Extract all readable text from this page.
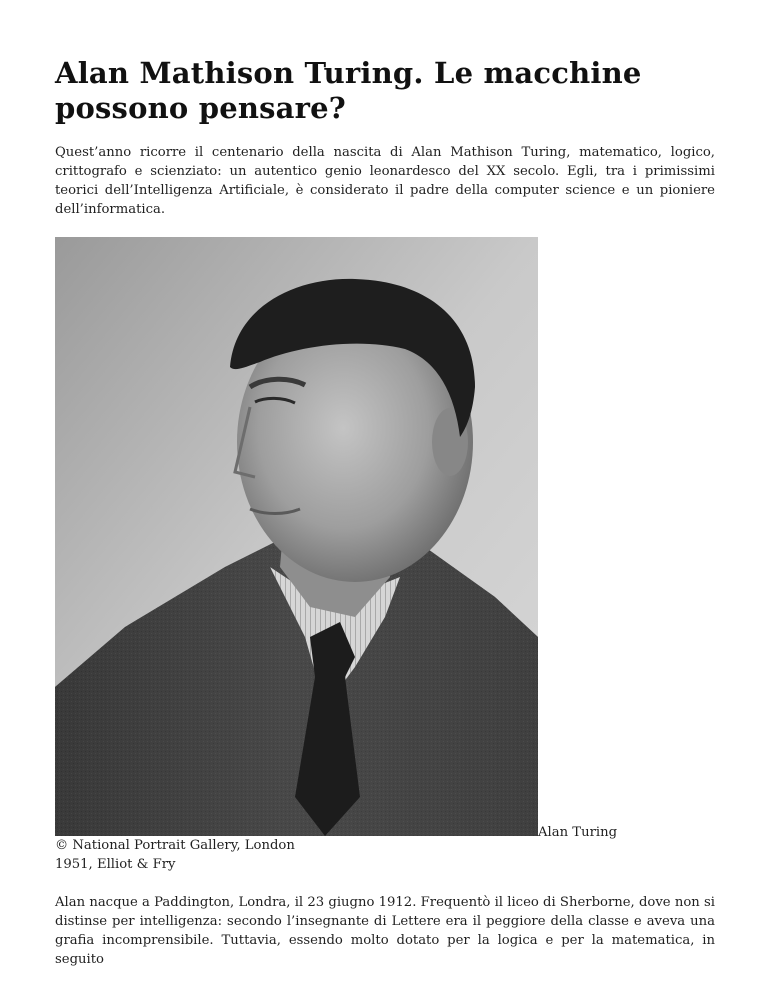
Alan Mathison Turing. Le macchine possono pensare?

Quest’anno ricorre il centenario della nascita di Alan Mathison Turing, matematico, logico, crittografo e scienziato: un autentico genio leonardesco del XX secolo. Egli, tra i primissimi teorici dell’Intelligenza Artificiale, è considerato il padre della computer science e un pioniere dell’informatica.

Alan Turing
© National Portrait Gallery, London
1951, Elliot & Fry

Alan nacque a Paddington, Londra, il 23 giugno 1912. Frequentò il liceo di Sherborne, dove non si distinse per intelligenza: secondo l’insegnante di Lettere era il peggiore della classe e aveva una grafia incomprensibile. Tuttavia, essendo molto dotato per la logica e per la matematica, in seguito
